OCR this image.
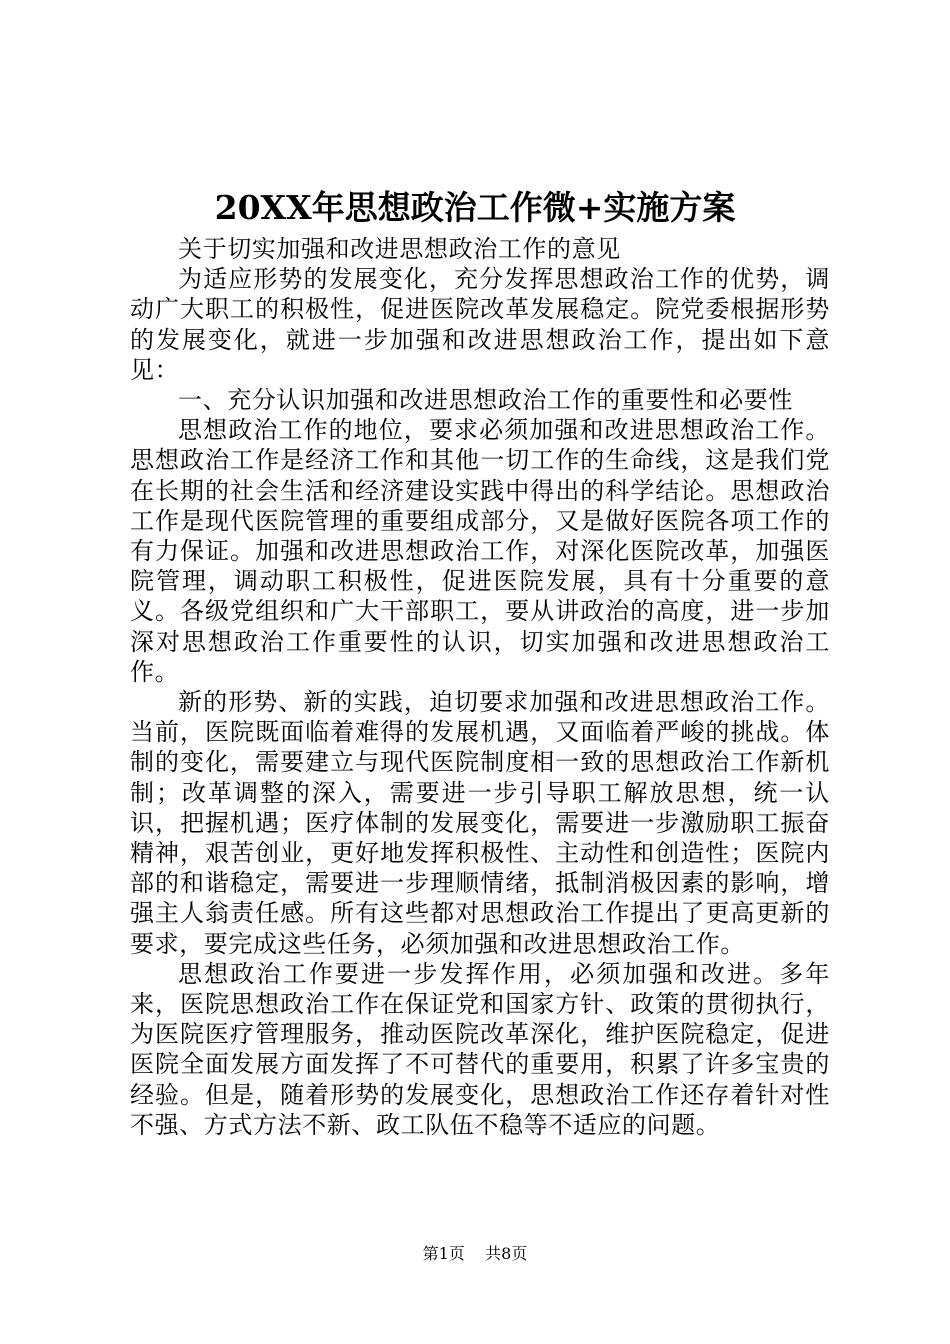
20XX年思想政治工作微+实施方案

关于切实加强和改进思想政治工作的意见

为适应形势的发展变化，充分发挥思想政治工作的优势，调动广大职工的积极性，促进医院改革发展稳定。院党委根据形势的发展变化，就进一步加强和改进思想政治工作，提出如下意见：

一、充分认识加强和改进思想政治工作的重要性和必要性

思想政治工作的地位，要求必须加强和改进思想政治工作。思想政治工作是经济工作和其他一切工作的生命线，这是我们党在长期的社会生活和经济建设实践中得出的科学结论。思想政治工作是现代医院管理的重要组成部分，又是做好医院各项工作的有力保证。加强和改进思想政治工作，对深化医院改革，加强医院管理，调动职工积极性，促进医院发展，具有十分重要的意义。各级党组织和广大干部职工，要从讲政治的高度，进一步加深对思想政治工作重要性的认识，切实加强和改进思想政治工作。

新的形势、新的实践，迫切要求加强和改进思想政治工作。当前，医院既面临着难得的发展机遇，又面临着严峻的挑战。体制的变化，需要建立与现代医院制度相一致的思想政治工作新机制；改革调整的深入，需要进一步引导职工解放思想，统一认识，把握机遇；医疗体制的发展变化，需要进一步激励职工振奋精神，艰苦创业，更好地发挥积极性、主动性和创造性；医院内部的和谐稳定，需要进一步理顺情绪，抵制消极因素的影响，增强主人翁责任感。所有这些都对思想政治工作提出了更高更新的要求，要完成这些任务，必须加强和改进思想政治工作。

思想政治工作要进一步发挥作用，必须加强和改进。多年来，医院思想政治工作在保证党和国家方针、政策的贯彻执行，为医院医疗管理服务，推动医院改革深化，维护医院稳定，促进医院全面发展方面发挥了不可替代的重要用，积累了许多宝贵的经验。但是，随着形势的发展变化，思想政治工作还存着针对性不强、方式方法不新、政工队伍不稳等不适应的问题。

第1页 共8页
